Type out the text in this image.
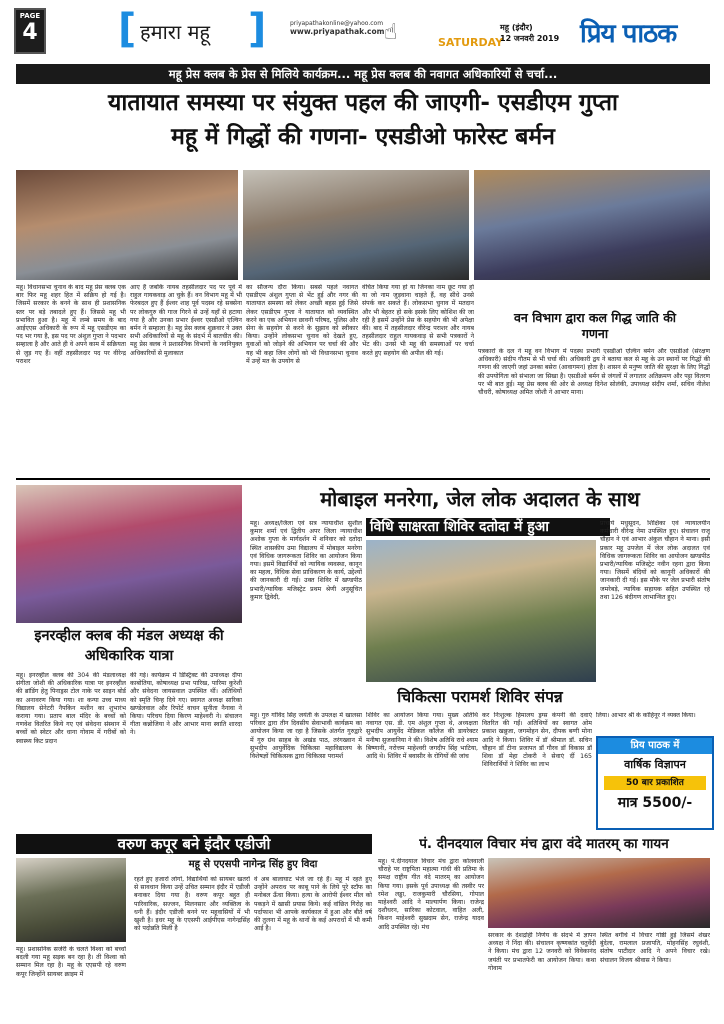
PAGE
4 [ हमारा महू ]	priyapathakonline@yahoo.com
www.priyapathak.com ☝	SATURDAY
महू (इंदौर)
12 जनवरी 2019 प्रिय पाठक
महू प्रेस क्लब के प्रेस से मिलिये कार्यक्रम... महू प्रेस क्लब की नवागत अधिकारियों से चर्चा...
यातायात समस्या पर संयुक्त पहल की जाएगी- एसडीएम गुप्ता
महू में गिद्धों की गणना- एसडीओ फारेस्ट बर्मन
महू। विधानसभा चुनाव के बाद महू प्रेस क्लब एक बार फिर महू शहर हित में सक्रिय हो गई है। जिसमें सरकार के बनने के साथ ही प्रशासनिक स्तर पर बड़े तबादले हुए हैं। जिससे महू भी प्रभावित हुआ है। महू में लम्बे समय के बाद आईएएस अधिकारी के रूप में महू एसडीएम का पद भर गया है, इस पद पर अंशुल गुप्ता ने पदभार सम्हाला है और आते ही वे अपने काम में सक्रियता से जुड़ गए हैं। वहीं तहसीलदार पद पर वीरेन्द्र पराशर
आए हैं जबकि नायब तहसीलदार पद पर पूर्व में राहुल गायकवाड़ आ चुके हैं। वन विभाग महू में भी फेरबदल हुए हैं ईश्वर शाह पूर्व पदस्थ रहे सक्सेना पर लोकगुरु की गाज गिरने से उन्हें यहाँ से हटाया गया है और उनका प्रभार ईश्वर एसडीओ एल्विन बर्मन ने सम्हाला है। महू प्रेस क्लब शुक्रवार ने उक्त सभी अधिकारियों से महू के संदर्भ में बातचीत की। महू प्रेस क्लब ने प्रशासनिक विभागों के नवनियुक्त अधिकारियों से मुलाकात
का सौजन्य दौरा किया। सबसे पहले नवागत एसडीएम अंशुल गुप्ता से भेंट हुई और नगर की यातायात समस्या को लेकर अच्छी बहस हुई जिसे लेकर एसडीएम गुप्ता ने यातायात को व्यवस्थित करने का एक अभियान छावनी परिषद, पुलिस और सेना के सहयोग से करने के सुझाव को स्वीकार किया। उन्होंने लोकसभा चुनाव को देखते हुए, युवाओं को जोड़ने की अभियान पर चर्चा की और यह भी कहा जिन लोगों को भी विधानसभा चुनाव में उन्हें मत के उपयोग से
वंचित किया गया हो या जिनका नाम छूट गया हो या जो नाम जुड़वाना चाहते हैं, वह सीधे उनसे संपर्क कर सकते हैं। लोकसभा चुनाव में मतदान और भी बेहतर हो सके इसके लिए कोशिश की जा रही है इसमें उन्होंने प्रेस के सहयोग की भी अपेक्षा की। बाद में तहसीलदार वीरेन्द्र पराशर और नायब तहसीलदार राहुल गायकवाड़ से सभी पत्रकारों ने भेंट की। उनसे भी महू की समस्याओं पर चर्चा करते हुए सहयोग की अपील की गई।
वन विभाग द्वारा कल गिद्ध जाति की गणना
पत्रकारों के दल ने महू वन विभाग में पदस्थ प्रभारी एसडीओ एल्विन बर्मन और एसडीओ (संरक्षण अधिकारी) संदीप गौतम से भी चर्चा की। अधिकारी द्वय ने बताया कल से महू के उन स्थानों पर गिद्धों की गणना की जाएगी जहां उनका बसेरा (आवागमन) होता है। शासन से मनुष्य जाति की सुरक्षा के लिए गिद्धों की उपयोगिता को संभाला जा सिखा है। एसडीओ बर्मन से जंगलों में लगातार अतिक्रमण और पट्टा वितरण पर भी बात हुई। महू प्रेस क्लब की ओर से अध्यक्ष दिनेश सोलंकी, उपाध्यक्ष संदीप शर्मा, सचिव नीलेश चौधरी, कोषाध्यक्ष अमित जोशी ने आभार माना।
मोबाइल मनरेगा, जेल लोक अदालत के साथ
विधि साक्षरता शिविर दतोदा में हुआ
महू। अध्यक्ष/जिला एवं सत्र न्यायाधीश सुशील कुमार शर्मा एवं द्वितीय अपर जिला न्यायाधीश अशोक गुप्ता के मार्गदर्शन में शनिवार को दतोदा स्थित शासकीय उमा विद्यालय में मोबाइल मनरेगा एवं विधिक जागरूकता शिविर का आयोजन किया गया। इसमें विद्यार्थियों को न्यायिक व्यवस्था, कानून का महत्व, विधिक सेवा प्राधिकरण के कार्य, उद्देश्यों की जानकारी दी गई। उक्त शिविर में खण्डपीठ प्रभारी/न्यायिक मजिस्ट्रेट प्रथम श्रेणी अनुसूचित कुमार द्विवेदी,
प्राचार्य मधुसूदन, शिक्षिका एवं न्यायालयीन कर्मचारी वीरेन्द्र नेमा उपस्थित हुए। संचालन राजू चौहान ने एवं आभार अंकुल चौहान ने माना। इसी प्रकार महू उपजेल में जेल लोक अदालत एवं विधिक जागरूकता शिविर का आयोजन खण्डपीठ प्रभारी/न्यायिक मजिस्ट्रेट नवीन रहना द्वारा किया गया। जिसमें बंदियों को कानूनी अधिकारों की जानकारी दी गई। इस मौके पर जेल प्रभारी संतोष जमरेबड़े, न्यायिक सहायक सहित उपस्थित रहे तथा 126 बंदीगण लाभान्वित हुए।
इनरव्हील क्लब की मंडल अध्यक्ष की अधिकारिक यात्रा
महू। इनरव्हील क्लब की 304 की मंडलाध्यक्ष संगीता जोशी की अधिकारिक यात्रा पर इनरव्हील की ब्रांडिंग हेतु पिनाड्रस टोल नाके पर साइन बोर्ड का अनावरण किया गया। शा कन्या उच्च माध्य विद्यालय सेनेटरी नैपकिन मशीन का शुभारंभ कराया गया। प्रताप बाल मंदिर के बच्चों को गणवेश वितरित किये गए एवं संवेदना संस्थान में बच्चों को स्वेटर और धाना गोवाम में गरीबों को स्वास्थ्य किट प्रदान
की गई। कार्यक्रम में डिस्ट्रिक्ट की उपाध्यक्ष दीपा काबोतिया, कोषाध्यक्ष प्रभा पारिख, पारिमा कुरेशी और संवेदना जायसवाल उपस्थित थीं। अतिथियों को स्मृति चिन्ह दिये गए। स्वागत अध्यक्ष सारिका खण्डेलवाल और रिपोर्ट वाचन सुनीता नैनावा ने किया। परिचय दिया किरण माहेश्वरी ने। संचालन गीता कन्नोजिया ने और आभार माना स्वाति शारदा ने।
चिकित्सा परामर्श शिविर संपन्न
महू। गुरु गोविंद सिंह जयंती के उपलक्ष में खालसा परिवार द्वारा तीन दिवसीय सेवाभावी कार्यक्रम का आयोजन किया जा रहा है जिसके अंतर्गत गुरुद्वारे में गुरु ग्रंथ साहब के अखंड पाठ, तरंगख्वान में सुभदीप आयुर्वेदिक चिकित्सा महाविद्यालय के विशेषज्ञों चिकित्सक द्वारा चिकित्सा परामर्श
शिविर का आयोजन किया गया। मुख्य अतिथि नवागत एस. डी. एम अंशुल गुप्ता थे, अध्यक्षता सुभदीप आयुर्वेद मेडिकल कॉलेज की डायरेक्टर मनीषा सुजवानिया ने की। विशेष अतिथि राधे श्याम बिष्णानी, नरोत्तम माहेश्वरी जगदीप सिंह भाटिया, आदि थे। शिविर में बवासीर के रोगियों की जांच
कर निःशुल्क हिमालय ड्रग्स कंपनी की दवाएं वितरित की गईं। अतिथियों का स्वागत ओम प्रकाश खन्नुजा, जगमोहन सेन, दीपक बग्गी मोना आदि ने किया। शिविर में डॉ श्रीमाल डॉ. सचिन चौहान डॉ टीना प्रजापत डॉ गौरव डॉ विकास डॉ शिवा डॉ मेहा टोकरी ने सेवाएं दीं 165 शिविरार्थियों ने शिविर का लाभ
लिया। आभार श्री के कोहिनूर ने व्यक्त किया।
प्रिय पाठक में
वार्षिक विज्ञापन
50 बार प्रकाशित
मात्र 5500/-
वरुण कपूर बने इंदौर एडीजी
महू से एएसपी नागेन्द्र सिंह हुए विदा
महू। प्रशासनिक सर्जरी के चलते विश्वा को बच्चों बदली गया महू सड़क बन रहा है। ती विश्वा को सम्मान मिल रहा है। महू के एएसपी रहे वरुण कपूर जिन्होंने सायबर क्राइम में
रहते हुए हजारों लोगों, विद्यार्थियों को सायबर खतरों से सावधान किया उन्हें उचित सम्मान इंदौर में एडीजी बनाकर दिया गया है। वरुण कपूर बहुत ही पारिवारिक, सज्जन, मिलनसार और व्यक्तित्व के धनी हैं। इंदौर एडीजी बनने पर महूवासियों में भी खुशी है। इधर महू के एएसपी आईपीएस नागेन्द्रसिंह को पदोन्नति मिली है
वे अब बालाघाट भेजे जा रहे हैं। महू में रहते हुए उन्होंने अपराध पर काबू पाने के लिये पूरे स्टॉफ का मनोबल ऊँचा किया। हत्या के आरोपी ईश्वर मील को पकड़ने में खासी प्रयास किये। कई वांछित गिरोह का पर्दाफाश भी आपके कार्यकाल में हुआ और बीते वर्ष की तुलना में महू के थानों के कई अपराधों में भी कमी आई है।
पं. दीनदयाल विचार मंच द्वारा वंदे मातरम् का गायन
महू। पं.दीनदयाल विचार मंच द्वारा कोलवाली चौराहे पर राष्ट्रपिता महात्मा गांधी की प्रतिमा के समक्ष राष्ट्रीय गीत वंदे मातरम् का आयोजन किया गया। इसके पूर्व उपाध्यक्ष की तस्वीर पर रमेश लड्ढा, राजकुमारी चौरसिया, गोपाल माहेश्वरी आदि ने माल्यार्पण किया। राजेन्द्र दशौधरन, सारिका कोटवाल, वाहित अली, किशन माहेश्वरी सुखदाम सेन, राजेन्द्र यादव आदि उपस्थित रहे। मंच
सरकार के देशद्रोही निर्णय के संदर्भ में ज्ञापन अध्यक्ष ने निंदा की। संचालन कृष्णकांत चतुर्वेदी ने किया। मंच द्वारा 12 जनवरी को विवेकानंद जयंती पर प्रभातफेरी का आयोजन किया। कथा गोवाम
स्थित बगीचे में विचार गोष्ठी हुई जिसमें शेखर बुंदेला, रामलाल प्रजापति, मोहनसिंह रघुवंशी, संतोष पाटीदार आदि ने अपने विचार रखे। संचालन विजय श्रीवास ने किया।
